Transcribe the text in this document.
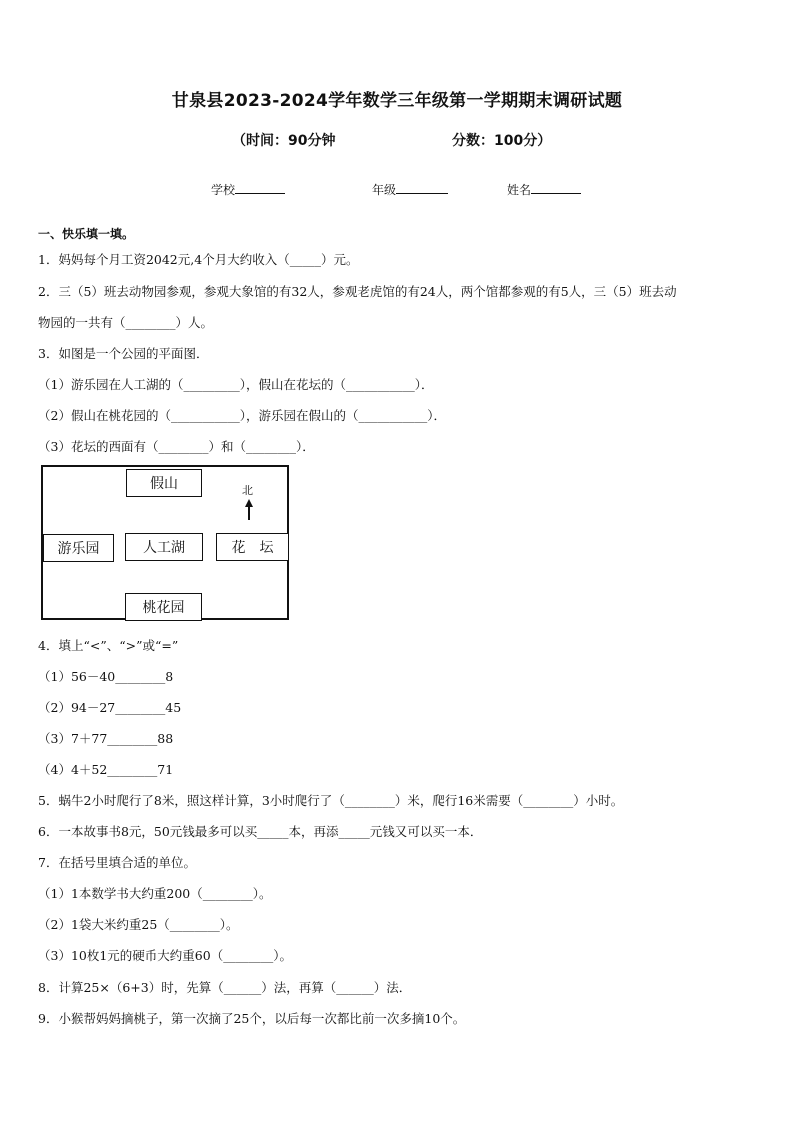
甘泉县2023-2024学年数学三年级第一学期期末调研试题
（时间：90分钟	分数：100分）
学校	年级	姓名
一、快乐填一填。
1．妈妈每个月工资2042元,4个月大约收入（_____）元。
2．三（5）班去动物园参观，参观大象馆的有32人，参观老虎馆的有24人，两个馆都参观的有5人，三（5）班去动
物园的一共有（________）人。
3．如图是一个公园的平面图．
（1）游乐园在人工湖的（_________），假山在花坛的（___________）．
（2）假山在桃花园的（___________），游乐园在假山的（___________）．
（3）花坛的西面有（________）和（________）．
假山	北
游乐园	人工湖	花　坛
桃花园
4．填上“<”、“>”或“=”
（1）56－40________8
（2）94－27________45
（3）7＋77________88
（4）4＋52________71
5．蜗牛2小时爬行了8米，照这样计算，3小时爬行了（________）米，爬行16米需要（________）小时。
6．一本故事书8元，50元钱最多可以买_____本，再添_____元钱又可以买一本．
7．在括号里填合适的单位。
（1）1本数学书大约重200（________）。
（2）1袋大米约重25（________）。
（3）10枚1元的硬币大约重60（________）。
8．计算25×（6+3）时，先算（______）法，再算（______）法．
9．小猴帮妈妈摘桃子，第一次摘了25个，以后每一次都比前一次多摘10个。
